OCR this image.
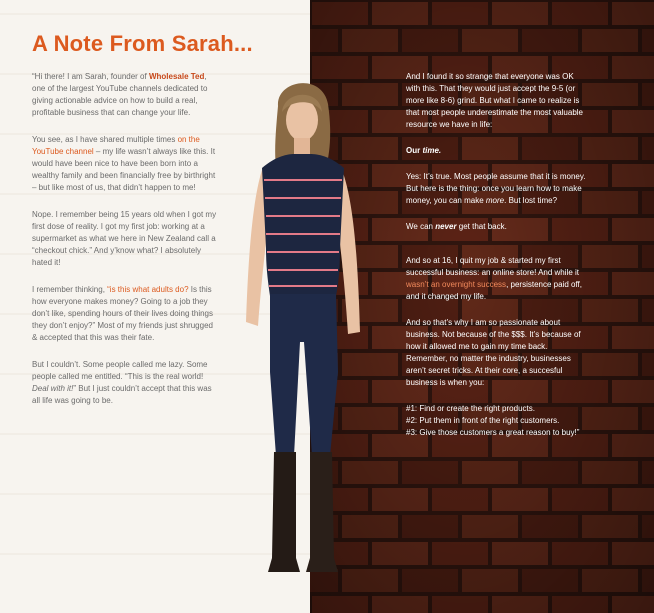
A Note From Sarah...

“Hi there! I am Sarah, founder of Wholesale Ted, one of the largest YouTube channels dedicated to giving actionable advice on how to build a real, profitable business that can change your life.

You see, as I have shared multiple times on the YouTube channel – my life wasn’t always like this. It would have been nice to have been born into a wealthy family and been financially free by birthright – but like most of us, that didn’t happen to me!

Nope. I remember being 15 years old when I got my first dose of reality. I got my first job: working at a supermarket as what we here in New Zealand call a “checkout chick.” And y’know what? I absolutely hated it!

I remember thinking, “is this what adults do? Is this how everyone makes money? Going to a job they don’t like, spending hours of their lives doing things they don’t enjoy?” Most of my friends just shrugged & accepted that this was their fate.

But I couldn’t. Some people called me lazy. Some people called me entitled. “This is the real world! Deal with it!” But I just couldn’t accept that this was all life was going to be.

And I found it so strange that everyone was OK with this. That they would just accept the 9-5 (or more like 8-6) grind. But what I came to realize is that most people underestimate the most valuable resource we have in life:

Our time.

Yes: It’s true. Most people assume that it is money. But here is the thing: once you learn how to make money, you can make more. But lost time?

We can never get that back.

And so at 16, I quit my job & started my first successful business: an online store! And while it wasn’t an overnight success, persistence paid off, and it changed my life.

And so that’s why I am so passionate about business. Not because of the $$$. It’s because of how it allowed me to gain my time back. Remember, no matter the industry, businesses aren’t secret tricks. At their core, a succesful business is when you:

#1: Find or create the right products.
#2: Put them in front of the right customers.
#3: Give those customers a great reason to buy!”
